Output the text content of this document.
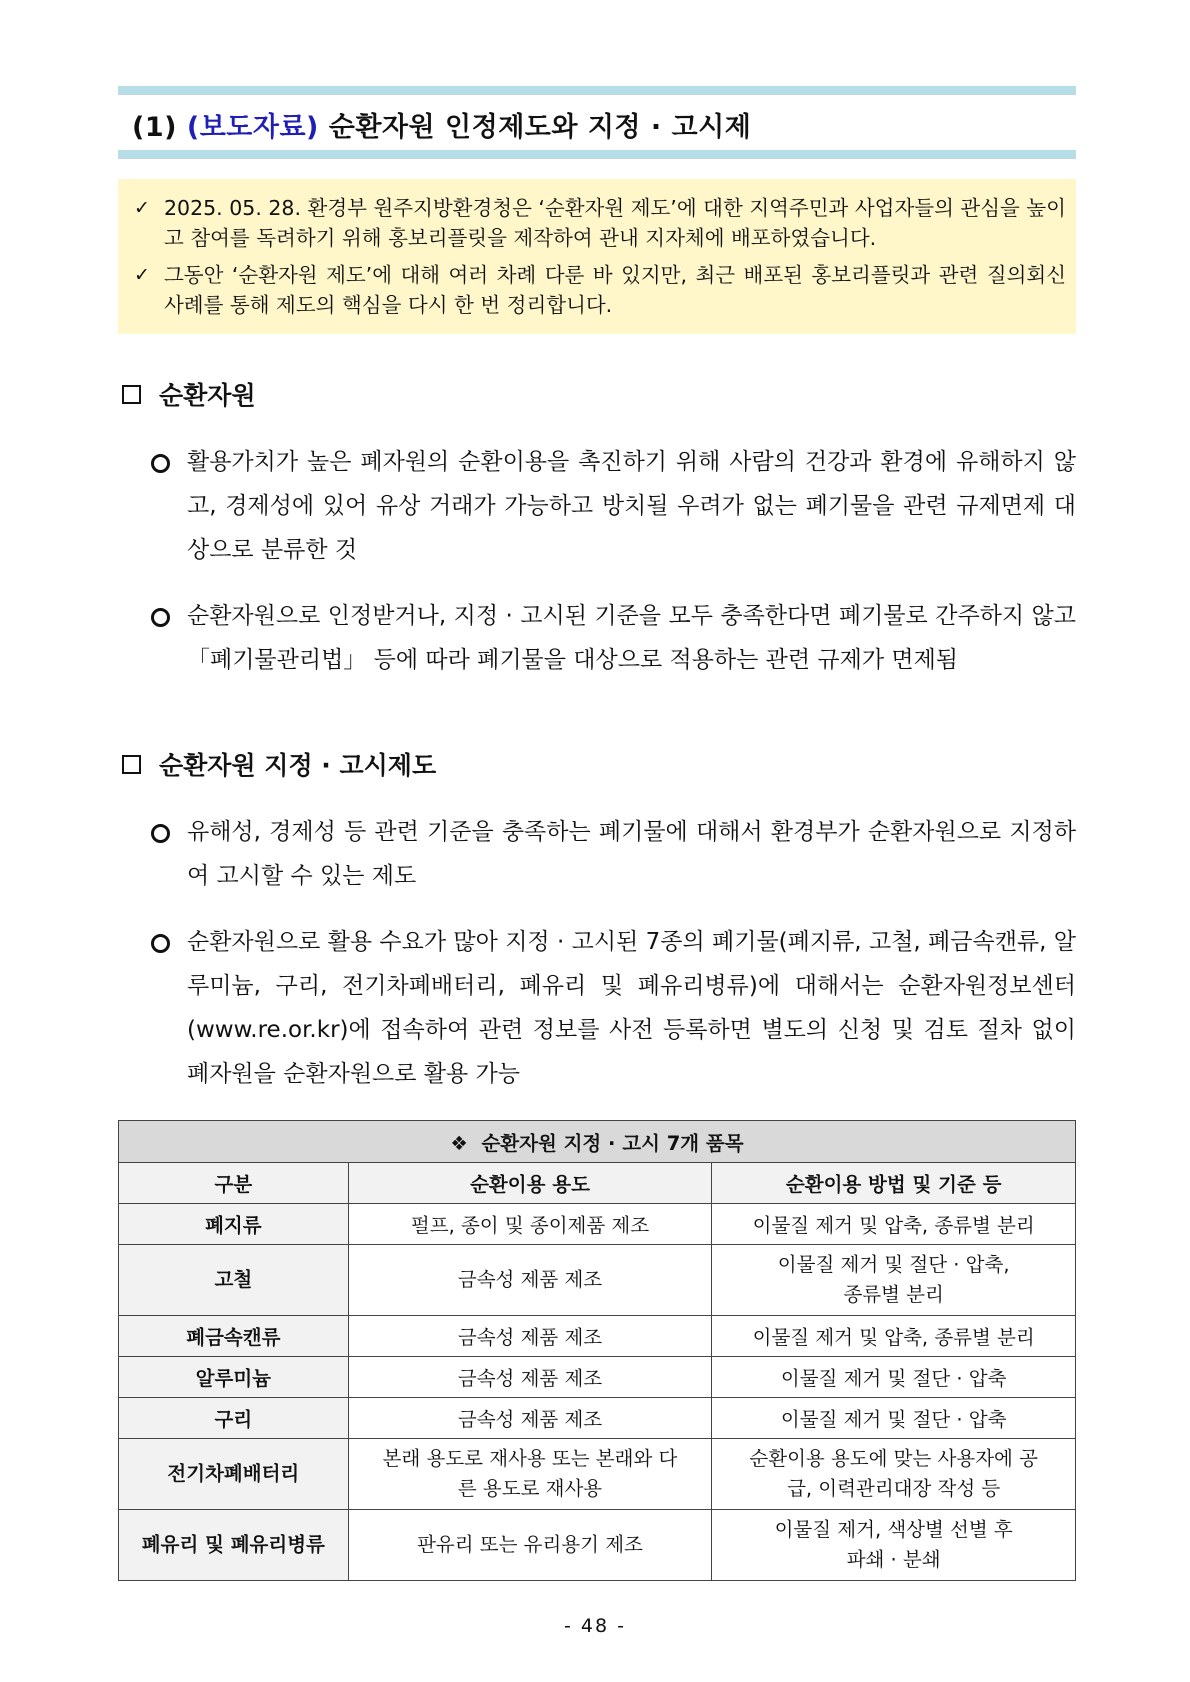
(1) (보도자료) 순환자원 인정제도와 지정 · 고시제
✓ 2025. 05. 28. 환경부 원주지방환경청은 ‘순환자원 제도’에 대한 지역주민과 사업자들의 관심을 높이고 참여를 독려하기 위해 홍보리플릿을 제작하여 관내 지자체에 배포하였습니다.
✓ 그동안 ‘순환자원 제도’에 대해 여러 차례 다룬 바 있지만, 최근 배포된 홍보리플릿과 관련 질의회신 사례를 통해 제도의 핵심을 다시 한 번 정리합니다.
순환자원
활용가치가 높은 폐자원의 순환이용을 촉진하기 위해 사람의 건강과 환경에 유해하지 않고, 경제성에 있어 유상 거래가 가능하고 방치될 우려가 없는 폐기물을 관련 규제면제 대상으로 분류한 것
순환자원으로 인정받거나, 지정 · 고시된 기준을 모두 충족한다면 폐기물로 간주하지 않고 「폐기물관리법」 등에 따라 폐기물을 대상으로 적용하는 관련 규제가 면제됨
순환자원 지정 · 고시제도
유해성, 경제성 등 관련 기준을 충족하는 폐기물에 대해서 환경부가 순환자원으로 지정하여 고시할 수 있는 제도
순환자원으로 활용 수요가 많아 지정 · 고시된 7종의 폐기물(폐지류, 고철, 폐금속캔류, 알루미늄, 구리, 전기차폐배터리, 폐유리 및 폐유리병류)에 대해서는 순환자원정보센터(www.re.or.kr)에 접속하여 관련 정보를 사전 등록하면 별도의 신청 및 검토 절차 없이 폐자원을 순환자원으로 활용 가능
❖ 순환자원 지정 · 고시 7개 품목		
구분	순환이용 용도	순환이용 방법 및 기준 등
폐지류	펄프, 종이 및 종이제품 제조	이물질 제거 및 압축, 종류별 분리
고철	금속성 제품 제조	이물질 제거 및 절단 · 압축, 종류별 분리
폐금속캔류	금속성 제품 제조	이물질 제거 및 압축, 종류별 분리
알루미늄	금속성 제품 제조	이물질 제거 및 절단 · 압축
구리	금속성 제품 제조	이물질 제거 및 절단 · 압축
전기차폐배터리	본래 용도로 재사용 또는 본래와 다른 용도로 재사용	순환이용 용도에 맞는 사용자에 공급, 이력관리대장 작성 등
폐유리 및 폐유리병류	판유리 또는 유리용기 제조	이물질 제거, 색상별 선별 후 파쇄 · 분쇄
- 48 -
